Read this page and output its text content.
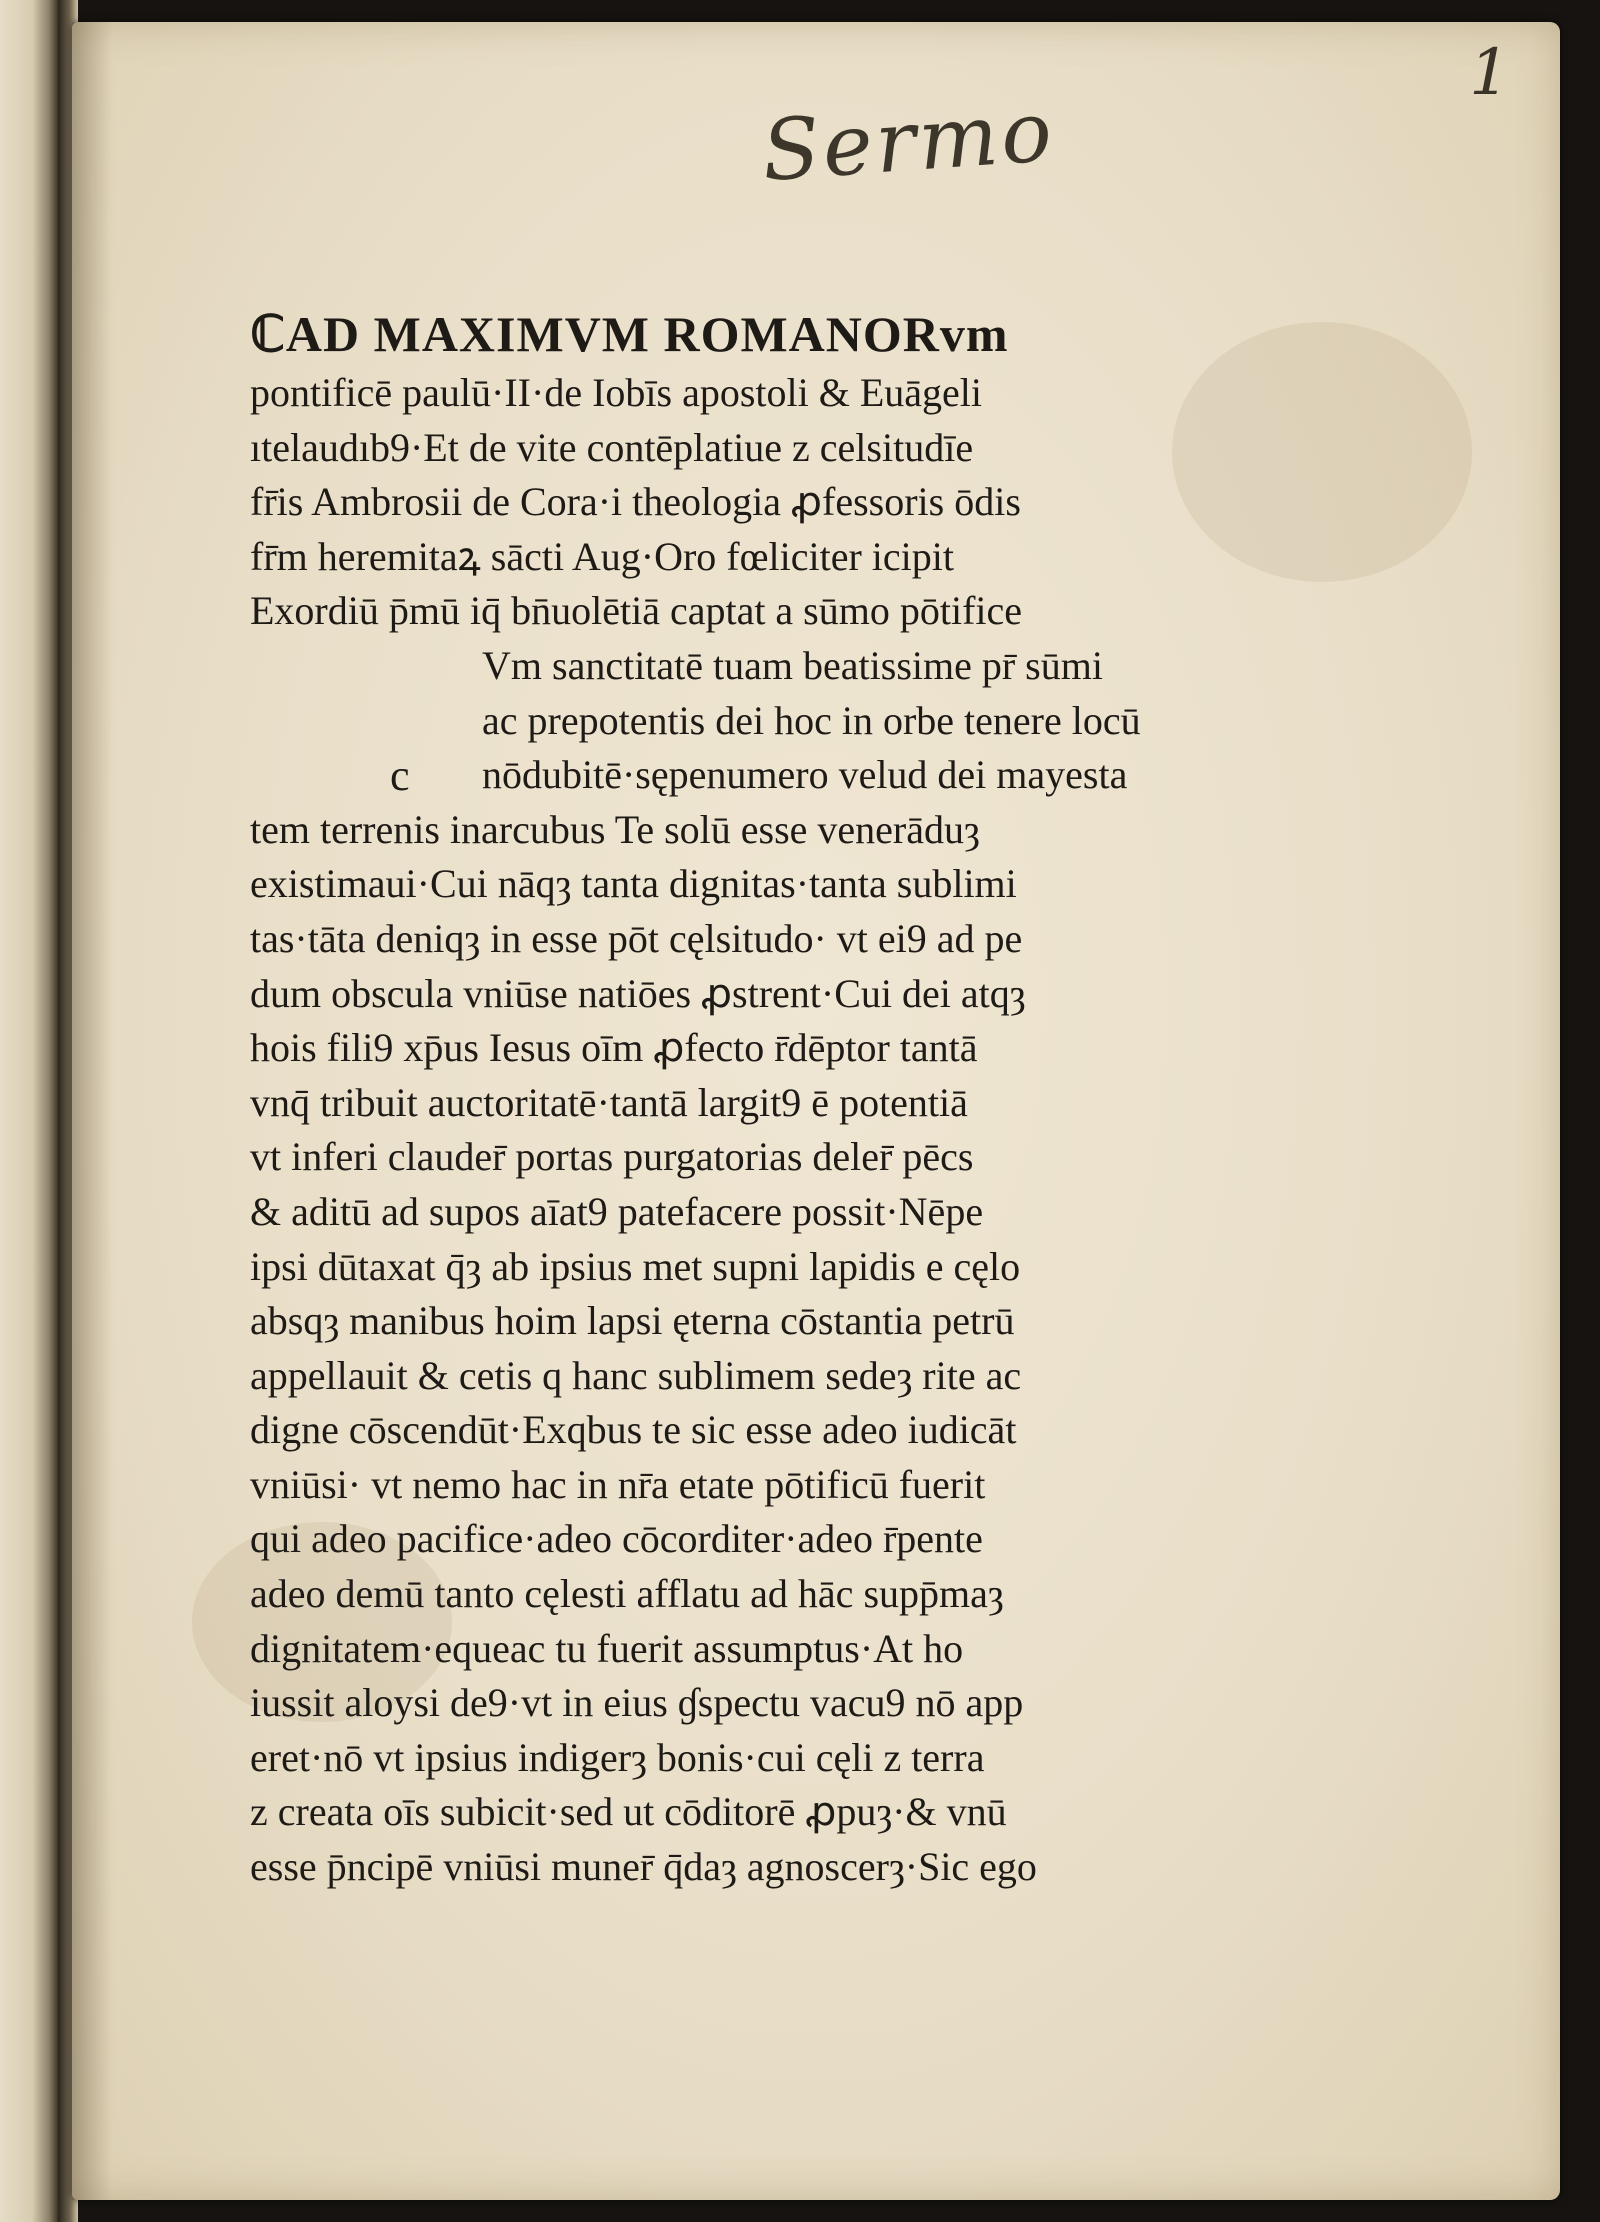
1
Sermo
c
ℂAD MAXIMVM ROMANORvm
pontificē paulū·II·de Iobīs apostoli & Euāgeli
ıtelaudıb9·Et de vite contēplatiue z celsitudīe
fr̄is Ambrosii de Cora·i theologia ꝓfessoris ōdis
fr̄m heremitaꝝ sācti Aug·Oro fœliciter icipit
Exordiū p̄mū iq̄ bn̄uolētiā captat a sūmo pōtifice
Vm sanctitatē tuam beatissime pr̄ sūmi
ac prepotentis dei hoc in orbe tenere locū
nōdubitē·sępenumero velud dei mayesta
tem terrenis inarcubus Te solū esse venerāduȝ
existimaui·Cui nāqȝ tanta dignitas·tanta sublimi
tas·tāta deniqȝ in esse pōt cęlsitudo· vt ei9 ad pe
dum obscula vniūse natiōes ꝓstrent·Cui dei atqȝ
hois fili9 xp̄us Iesus oīm ꝓfecto r̄dēptor tantā
vnq̄ tribuit auctoritatē·tantā largit9 ē potentiā
vt inferi clauder̄ portas purgatorias deler̄ pēcs
& aditū ad supos aīat9 patefacere possit·Nēpe
ipsi dūtaxat q̄ȝ ab ipsius met supni lapidis e cęlo
absqȝ manibus hoim lapsi ęterna cōstantia petrū
appellauit & cetis q hanc sublimem sedeȝ rite ac
digne cōscendūt·Exqbus te sic esse adeo iudicāt
vniūsi· vt nemo hac in nr̄a etate pōtificū fuerit
qui adeo pacifice·adeo cōcorditer·adeo r̄pente
adeo demū tanto cęlesti afflatu ad hāc supp̄maȝ
dignitatem·equeac tu fuerit assumptus·At ho
iussit aloysi de9·vt in eius ɠspectu vacu9 nō app
eret·nō vt ipsius indigerȝ bonis·cui cęli z terra
z creata oīs subicit·sed ut cōditorē ꝓpuȝ·& vnū
esse p̄ncipē vniūsi muner̄ q̄daȝ agnoscerȝ·Sic ego
